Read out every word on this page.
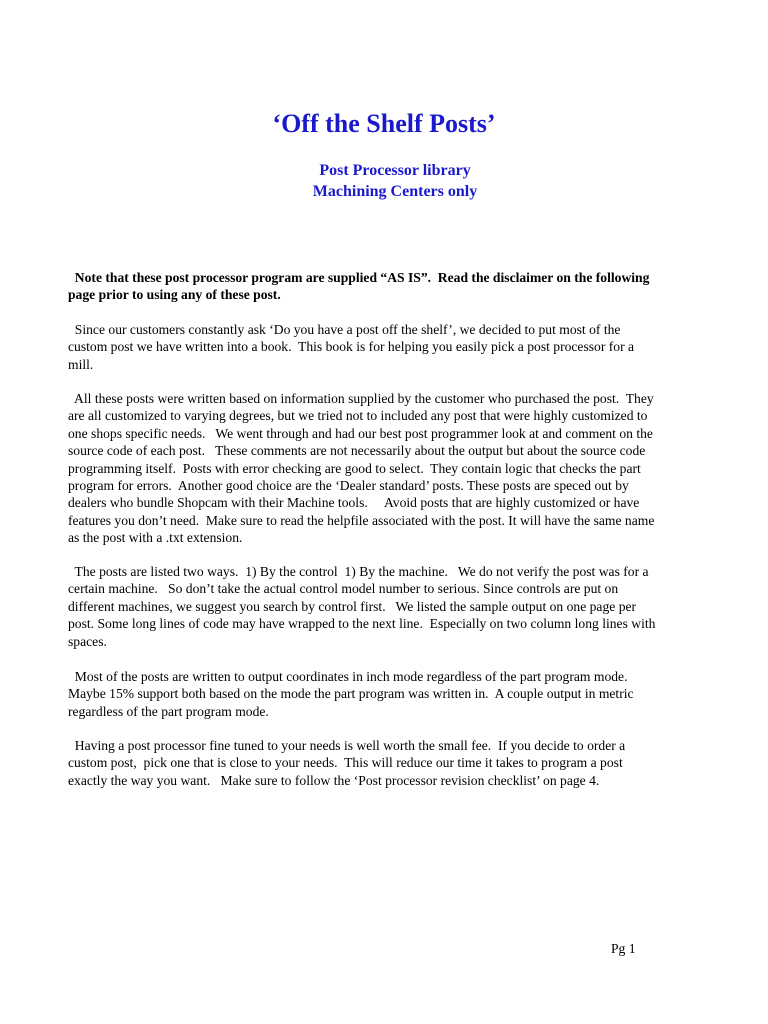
‘Off the Shelf Posts’
Post Processor library
Machining Centers only
Note that these post processor program are supplied “AS IS”.  Read the disclaimer on the following
page prior to using any of these post.
Since our customers constantly ask ‘Do you have a post off the shelf’, we decided to put most of the
custom post we have written into a book.  This book is for helping you easily pick a post processor for a
mill.
All these posts were written based on information supplied by the customer who purchased the post.  They
are all customized to varying degrees, but we tried not to included any post that were highly customized to
one shops specific needs.   We went through and had our best post programmer look at and comment on the
source code of each post.   These comments are not necessarily about the output but about the source code
programming itself.  Posts with error checking are good to select.  They contain logic that checks the part
program for errors.  Another good choice are the ‘Dealer standard’ posts. These posts are speced out by
dealers who bundle Shopcam with their Machine tools.     Avoid posts that are highly customized or have
features you don’t need.  Make sure to read the helpfile associated with the post. It will have the same name
as the post with a .txt extension.
The posts are listed two ways.  1) By the control  1) By the machine.   We do not verify the post was for a
certain machine.   So don’t take the actual control model number to serious. Since controls are put on
different machines, we suggest you search by control first.   We listed the sample output on one page per
post. Some long lines of code may have wrapped to the next line.  Especially on two column long lines with
spaces.
Most of the posts are written to output coordinates in inch mode regardless of the part program mode.
Maybe 15% support both based on the mode the part program was written in.  A couple output in metric
regardless of the part program mode.
Having a post processor fine tuned to your needs is well worth the small fee.  If you decide to order a
custom post,  pick one that is close to your needs.  This will reduce our time it takes to program a post
exactly the way you want.   Make sure to follow the ‘Post processor revision checklist’ on page 4.
Pg 1
